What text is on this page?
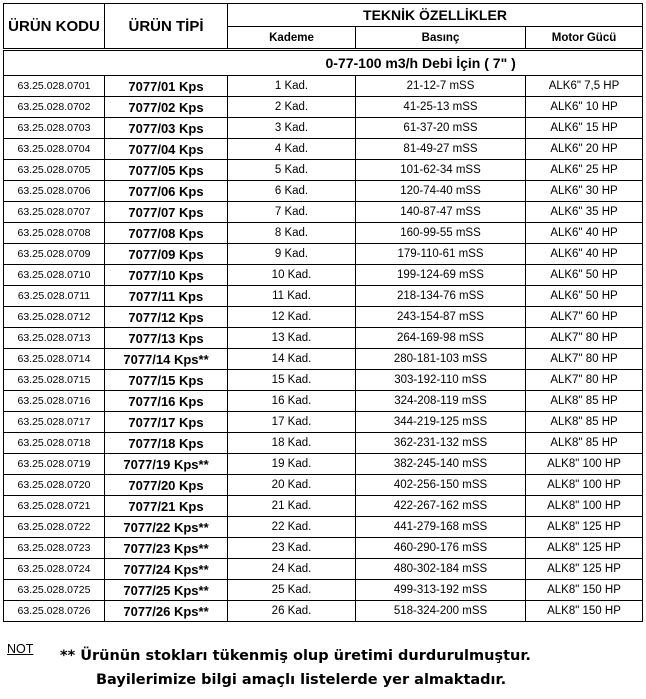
ÜRÜN KODU	ÜRÜN TİPİ	TEKNİK ÖZELLİKLER		
		Kademe	Basınç	Motor Gücü

		0-77-100 m3/h Debi İçin ( 7" )		
63.25.028.0701	7077/01 Kps	1 Kad.	21-12-7 mSS	ALK6" 7,5 HP
63.25.028.0702	7077/02 Kps	2 Kad.	41-25-13 mSS	ALK6" 10 HP
63.25.028.0703	7077/03 Kps	3 Kad.	61-37-20 mSS	ALK6" 15 HP
63.25.028.0704	7077/04 Kps	4 Kad.	81-49-27 mSS	ALK6" 20 HP
63.25.028.0705	7077/05 Kps	5 Kad.	101-62-34 mSS	ALK6" 25 HP
63.25.028.0706	7077/06 Kps	6 Kad.	120-74-40 mSS	ALK6" 30 HP
63.25.028.0707	7077/07 Kps	7 Kad.	140-87-47 mSS	ALK6" 35 HP
63.25.028.0708	7077/08 Kps	8 Kad.	160-99-55 mSS	ALK6" 40 HP
63.25.028.0709	7077/09 Kps	9 Kad.	179-110-61 mSS	ALK6" 40 HP
63.25.028.0710	7077/10 Kps	10 Kad.	199-124-69 mSS	ALK6" 50 HP
63.25.028.0711	7077/11 Kps	11 Kad.	218-134-76 mSS	ALK6" 50 HP
63.25.028.0712	7077/12 Kps	12 Kad.	243-154-87 mSS	ALK7" 60 HP
63.25.028.0713	7077/13 Kps	13 Kad.	264-169-98 mSS	ALK7" 80 HP
63.25.028.0714	7077/14 Kps**	14 Kad.	280-181-103 mSS	ALK7" 80 HP
63.25.028.0715	7077/15 Kps	15 Kad.	303-192-110 mSS	ALK7" 80 HP
63.25.028.0716	7077/16 Kps	16 Kad.	324-208-119 mSS	ALK8" 85 HP
63.25.028.0717	7077/17 Kps	17 Kad.	344-219-125 mSS	ALK8" 85 HP
63.25.028.0718	7077/18 Kps	18 Kad.	362-231-132 mSS	ALK8" 85 HP
63.25.028.0719	7077/19 Kps**	19 Kad.	382-245-140 mSS	ALK8" 100 HP
63.25.028.0720	7077/20 Kps	20 Kad.	402-256-150 mSS	ALK8" 100 HP
63.25.028.0721	7077/21 Kps	21 Kad.	422-267-162 mSS	ALK8" 100 HP
63.25.028.0722	7077/22 Kps**	22 Kad.	441-279-168 mSS	ALK8" 125 HP
63.25.028.0723	7077/23 Kps**	23 Kad.	460-290-176 mSS	ALK8" 125 HP
63.25.028.0724	7077/24 Kps**	24 Kad.	480-302-184 mSS	ALK8" 125 HP
63.25.028.0725	7077/25 Kps**	25 Kad.	499-313-192 mSS	ALK8" 150 HP
63.25.028.0726	7077/26 Kps**	26 Kad.	518-324-200 mSS	ALK8" 150 HP
NOT ** Ürünün stokları tükenmiş olup üretimi durdurulmuştur.
Bayilerimize bilgi amaçlı listelerde yer almaktadır.
